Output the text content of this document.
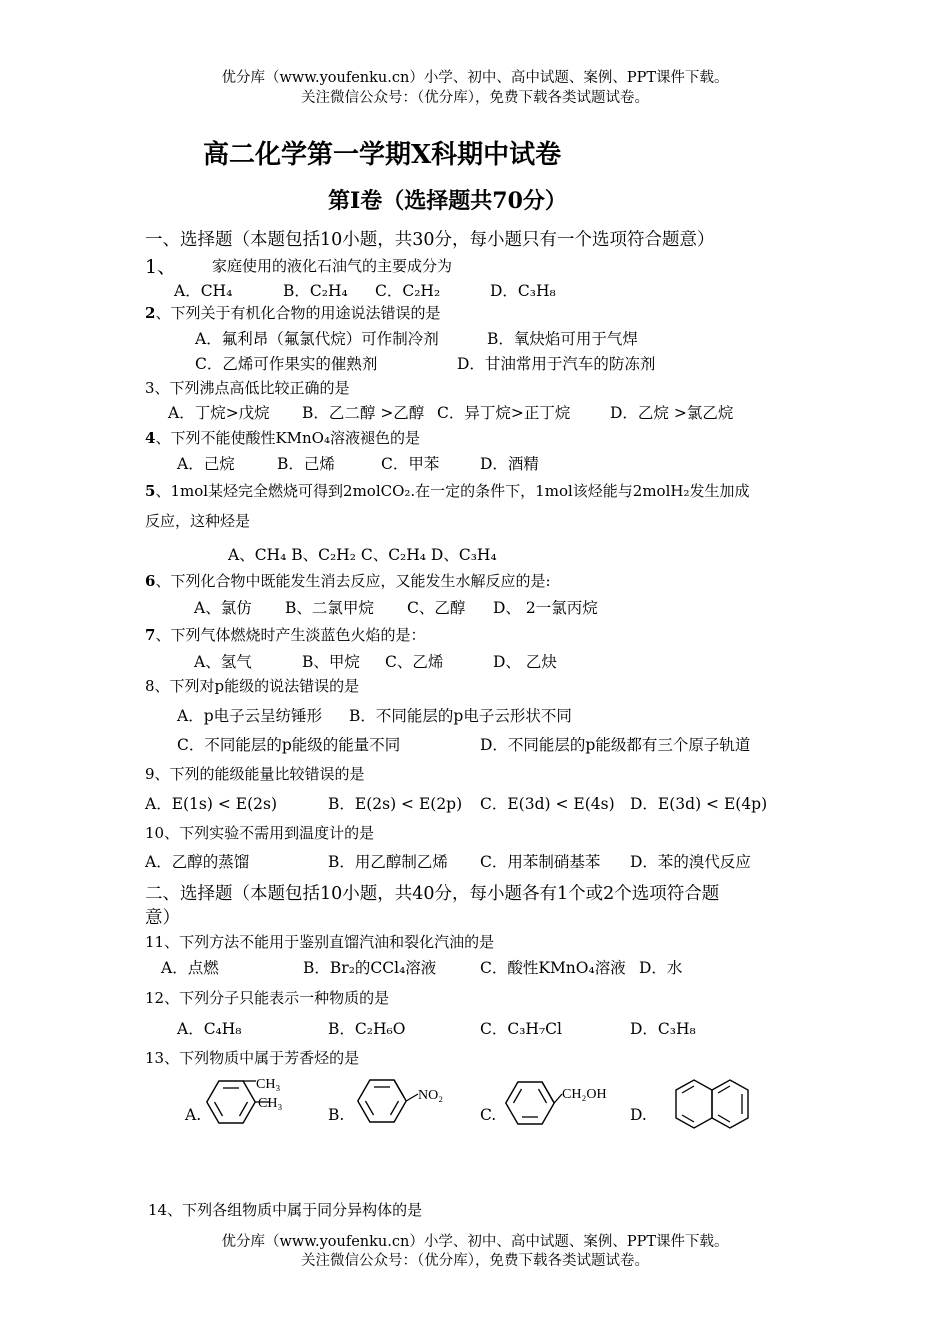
优分库（www.youfenku.cn）小学、初中、高中试题、案例、PPT课件下载。
关注微信公众号：（优分库），免费下载各类试题试卷。
高二化学第一学期X科期中试卷
第Ⅰ卷（选择题共70分）
一、选择题（本题包括10小题，共30分，每小题只有一个选项符合题意）
1、 家庭使用的液化石油气的主要成分为
A．CH₄	B．C₂H₄ C．C₂H₂	D．C₃H₈
2、下列关于有机化合物的用途说法错误的是
A．氟利昂（氟氯代烷）可作制冷剂	B．氧炔焰可用于气焊
C．乙烯可作果实的催熟剂	D．甘油常用于汽车的防冻剂
3、下列沸点高低比较正确的是
A．丁烷>戊烷 B．乙二醇 >乙醇 C．异丁烷>正丁烷	D．乙烷 >氯乙烷
4、下列不能使酸性KMnO₄溶液褪色的是
A．己烷	B．己烯	C．甲苯	D．酒精
5、1mol某烃完全燃烧可得到2molCO₂.在一定的条件下，1mol该烃能与2molH₂发生加成
反应，这种烃是
A、CH₄ B、C₂H₂ C、C₂H₄ D、C₃H₄
6、下列化合物中既能发生消去反应，又能发生水解反应的是:
A、氯仿 B、二氯甲烷 C、乙醇 D、 2一氯丙烷
7、下列气体燃烧时产生淡蓝色火焰的是：
A、氢气	B、甲烷 C、乙烯	D、 乙炔
8、下列对p能级的说法错误的是
A．p电子云呈纺锤形 B．不同能层的p电子云形状不同
C．不同能层的p能级的能量不同	D．不同能层的p能级都有三个原子轨道
9、下列的能级能量比较错误的是
A．E(1s) < E(2s)	B．E(2s) < E(2p) C．E(3d) < E(4s) D．E(3d) < E(4p)
10、下列实验不需用到温度计的是
A．乙醇的蒸馏	B．用乙醇制乙烯 C．用苯制硝基苯 D．苯的溴代反应
二、选择题（本题包括10小题，共40分，每小题各有1个或2个选项符合题
意）
11、下列方法不能用于鉴别直馏汽油和裂化汽油的是
A．点燃	B．Br₂的CCl₄溶液	C．酸性KMnO₄溶液 D．水
12、下列分子只能表示一种物质的是
A．C₄H₈	B．C₂H₆O	C．C₃H₇Cl	D．C₃H₈
13、下列物质中属于芳香烃的是
A.
CH₃
CH₃
B.
NO₂
C.
CH₂OH
D.
14、下列各组物质中属于同分异构体的是
优分库（www.youfenku.cn）小学、初中、高中试题、案例、PPT课件下载。
关注微信公众号：（优分库），免费下载各类试题试卷。
